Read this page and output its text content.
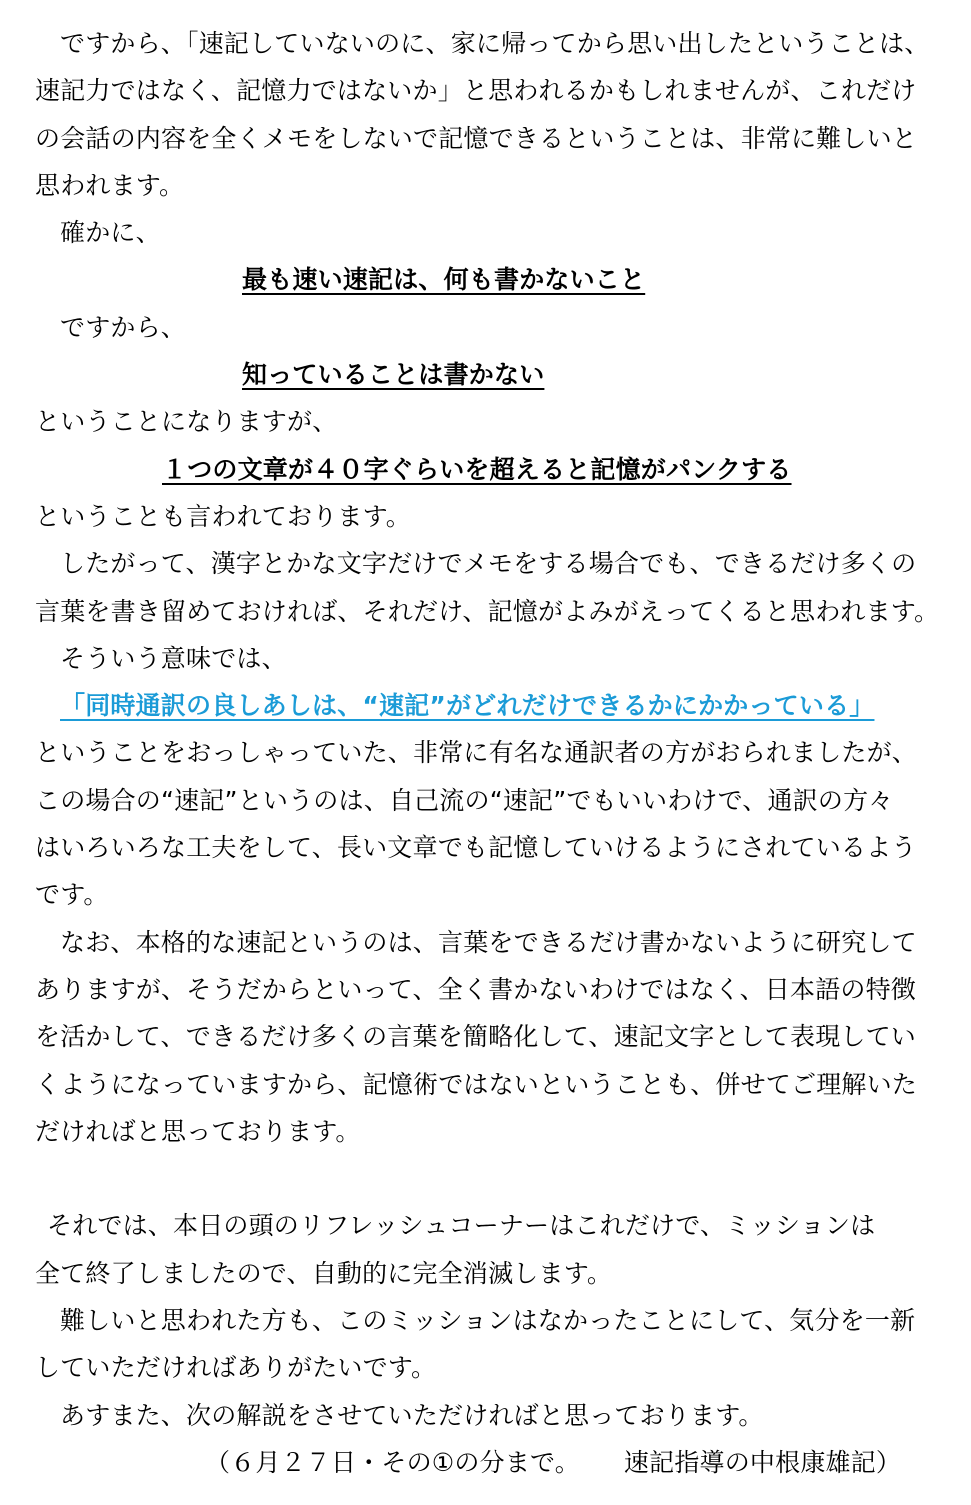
ですから、「速記していないのに、家に帰ってから思い出したということは、
速記力ではなく、記憶力ではないか」と思われるかもしれませんが、これだけ
の会話の内容を全くメモをしないで記憶できるということは、非常に難しいと
思われます。
確かに、
最も速い速記は、何も書かないこと
ですから、
知っていることは書かない
ということになりますが、
１つの文章が４０字ぐらいを超えると記憶がパンクする
ということも言われております。
したがって、漢字とかな文字だけでメモをする場合でも、できるだけ多くの
言葉を書き留めておければ、それだけ、記憶がよみがえってくると思われます。
そういう意味では、
「同時通訳の良しあしは、“速記”がどれだけできるかにかかっている」
ということをおっしゃっていた、非常に有名な通訳者の方がおられましたが、
この場合の“速記”というのは、自己流の“速記”でもいいわけで、通訳の方々
はいろいろな工夫をして、長い文章でも記憶していけるようにされているよう
です。
なお、本格的な速記というのは、言葉をできるだけ書かないように研究して
ありますが、そうだからといって、全く書かないわけではなく、日本語の特徴
を活かして、できるだけ多くの言葉を簡略化して、速記文字として表現してい
くようになっていますから、記憶術ではないということも、併せてご理解いた
だければと思っております。
それでは、本日の頭のリフレッシュコーナーはこれだけで、ミッションは
全て終了しましたので、自動的に完全消滅します。
難しいと思われた方も、このミッションはなかったことにして、気分を一新
していただければありがたいです。
あすまた、次の解説をさせていただければと思っております。
（６月２７日・その①の分まで。 速記指導の中根康雄記）
